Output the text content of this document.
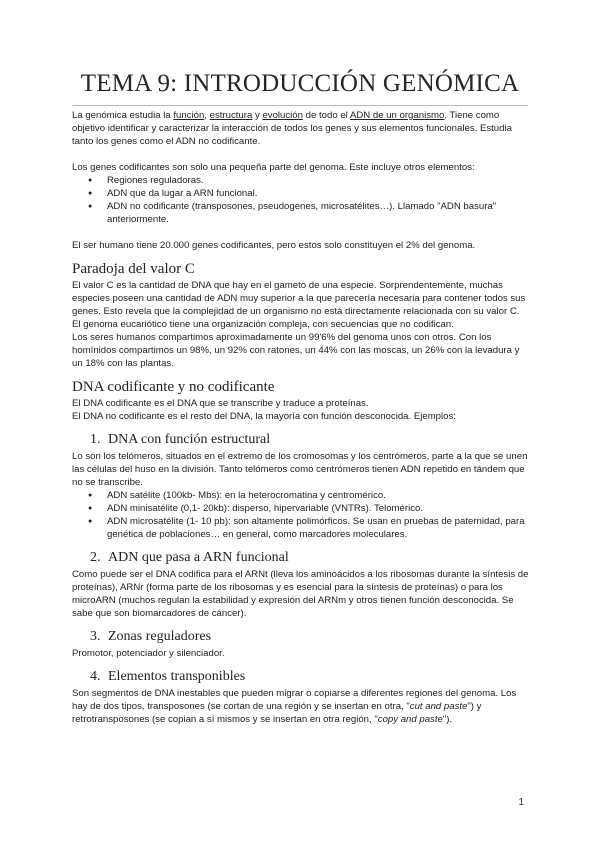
TEMA 9: INTRODUCCIÓN GENÓMICA

La genómica estudia la función, estructura y evolución de todo el ADN de un organismo. Tiene como objetivo identificar y caracterizar la interacción de todos los genes y sus elementos funcionales. Estudia tanto los genes como el ADN no codificante.

Los genes codificantes son solo una pequeña parte del genoma. Este incluye otros elementos:

● Regiones reguladoras.
● ADN que da lugar a ARN funcional.
● ADN no codificante (transposones, pseudogenes, microsatélites…). Llamado "ADN basura" anteriormente.

El ser humano tiene 20.000 genes codificantes, pero estos solo constituyen el 2% del genoma.

Paradoja del valor C

El valor C es la cantidad de DNA que hay en el gameto de una especie. Sorprendentemente, muchas especies poseen una cantidad de ADN muy superior a la que parecería necesaria para contener todos sus genes. Esto revela que la complejidad de un organismo no está directamente relacionada con su valor C.

El genoma eucariótico tiene una organización compleja, con secuencias que no codifican.

Los seres humanos compartimos aproximadamente un 99'6% del genoma unos con otros. Con los homínidos compartimos un 98%, un 92% con ratones, un 44% con las moscas, un 26% con la levadura y un 18% con las plantas.

DNA codificante y no codificante

El DNA codificante es el DNA que se transcribe y traduce a proteínas.

El DNA no codificante es el resto del DNA, la mayoría con función desconocida. Ejemplos:

1. DNA con función estructural

Lo son los telómeros, situados en el extremo de los cromosomas y los centrómeros, parte a la que se unen las células del huso en la división. Tanto telómeros como centrómeros tienen ADN repetido en tándem que no se transcribe.

● ADN satélite (100kb- Mbs): en la heterocromatina y centromérico.
● ADN minisatélite (0,1- 20kb): disperso, hipervariable (VNTRs). Telomérico.
● ADN microsatélite (1- 10 pb): son altamente polimórficos. Se usan en pruebas de paternidad, para genética de poblaciones… en general, como marcadores moleculares.
2. ADN que pasa a ARN funcional

Como puede ser el DNA codifica para el ARNt (lleva los aminoácidos a los ribosomas durante la síntesis de proteínas), ARNr (forma parte de los ribosomas y es esencial para la síntesis de proteínas) o para los microARN (muchos regulan la estabilidad y expresión del ARNm y otros tienen función desconocida. Se sabe que son biomarcadores de cáncer).

3. Zonas reguladores

Promotor, potenciador y silenciador.

4. Elementos transponibles

Son segmentos de DNA inestables que pueden migrar o copiarse a diferentes regiones del genoma. Los hay de dos tipos, transposones (se cortan de una región y se insertan en otra, "cut and paste") y retrotransposones (se copian a sí mismos y se insertan en otra región, "copy and paste").

1
